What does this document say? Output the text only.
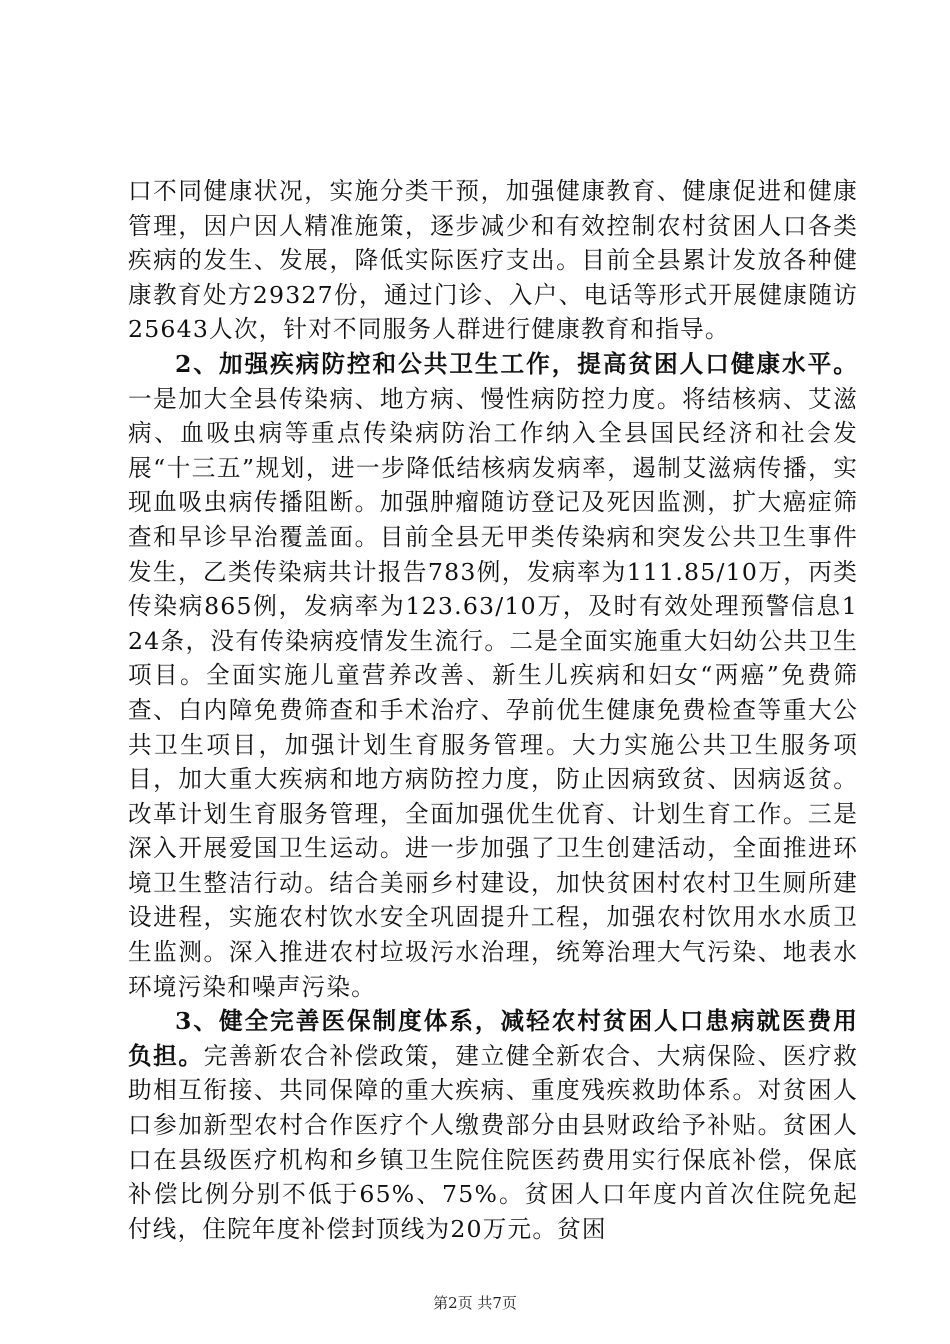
口不同健康状况，实施分类干预，加强健康教育、健康促进和健康管理，因户因人精准施策，逐步减少和有效控制农村贫困人口各类疾病的发生、发展，降低实际医疗支出。目前全县累计发放各种健康教育处方29327份，通过门诊、入户、电话等形式开展健康随访25643人次，针对不同服务人群进行健康教育和指导。

2、加强疾病防控和公共卫生工作，提高贫困人口健康水平。一是加大全县传染病、地方病、慢性病防控力度。将结核病、艾滋病、血吸虫病等重点传染病防治工作纳入全县国民经济和社会发展“十三五”规划，进一步降低结核病发病率，遏制艾滋病传播，实现血吸虫病传播阻断。加强肿瘤随访登记及死因监测，扩大癌症筛查和早诊早治覆盖面。目前全县无甲类传染病和突发公共卫生事件发生，乙类传染病共计报告783例，发病率为111.85/10万，丙类传染病865例，发病率为123.63/10万，及时有效处理预警信息124条，没有传染病疫情发生流行。二是全面实施重大妇幼公共卫生项目。全面实施儿童营养改善、新生儿疾病和妇女“两癌”免费筛查、白内障免费筛查和手术治疗、孕前优生健康免费检查等重大公共卫生项目，加强计划生育服务管理。大力实施公共卫生服务项目，加大重大疾病和地方病防控力度，防止因病致贫、因病返贫。改革计划生育服务管理，全面加强优生优育、计划生育工作。三是深入开展爱国卫生运动。进一步加强了卫生创建活动，全面推进环境卫生整洁行动。结合美丽乡村建设，加快贫困村农村卫生厕所建设进程，实施农村饮水安全巩固提升工程，加强农村饮用水水质卫生监测。深入推进农村垃圾污水治理，统筹治理大气污染、地表水环境污染和噪声污染。

3、健全完善医保制度体系，减轻农村贫困人口患病就医费用负担。完善新农合补偿政策，建立健全新农合、大病保险、医疗救助相互衔接、共同保障的重大疾病、重度残疾救助体系。对贫困人口参加新型农村合作医疗个人缴费部分由县财政给予补贴。贫困人口在县级医疗机构和乡镇卫生院住院医药费用实行保底补偿，保底补偿比例分别不低于65%、75%。贫困人口年度内首次住院免起付线，住院年度补偿封顶线为20万元。贫困

第2页 共7页
